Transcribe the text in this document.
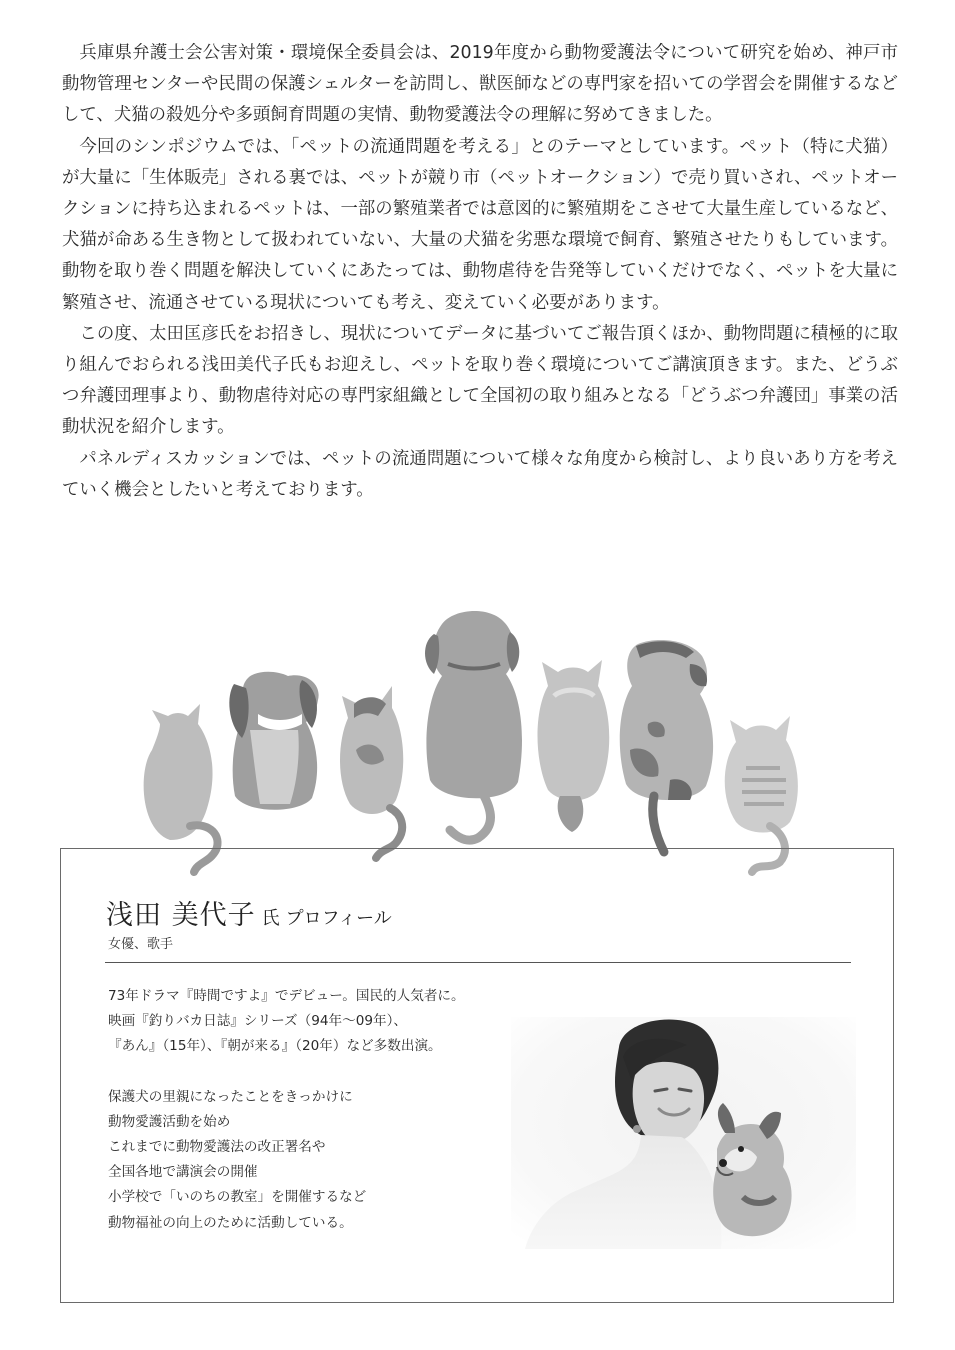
兵庫県弁護士会公害対策・環境保全委員会は、2019年度から動物愛護法令について研究を始め、神戸市動物管理センターや民間の保護シェルターを訪問し、獣医師などの専門家を招いての学習会を開催するなどして、犬猫の殺処分や多頭飼育問題の実情、動物愛護法令の理解に努めてきました。

今回のシンポジウムでは、「ペットの流通問題を考える」とのテーマとしています。ペット（特に犬猫）が大量に「生体販売」される裏では、ペットが競り市（ペットオークション）で売り買いされ、ペットオークションに持ち込まれるペットは、一部の繁殖業者では意図的に繁殖期をこさせて大量生産しているなど、犬猫が命ある生き物として扱われていない、大量の犬猫を劣悪な環境で飼育、繁殖させたりもしています。動物を取り巻く問題を解決していくにあたっては、動物虐待を告発等していくだけでなく、ペットを大量に繁殖させ、流通させている現状についても考え、変えていく必要があります。

この度、太田匡彦氏をお招きし、現状についてデータに基づいてご報告頂くほか、動物問題に積極的に取り組んでおられる浅田美代子氏もお迎えし、ペットを取り巻く環境についてご講演頂きます。また、どうぶつ弁護団理事より、動物虐待対応の専門家組織として全国初の取り組みとなる「どうぶつ弁護団」事業の活動状況を紹介します。

パネルディスカッションでは、ペットの流通問題について様々な角度から検討し、より良いあり方を考えていく機会としたいと考えております。

浅田 美代子 氏 プロフィール
女優、歌手
73年ドラマ『時間ですよ』でデビュー。国民的人気者に。
映画『釣りバカ日誌』シリーズ（94年～09年）、
『あん』（15年）、『朝が来る』（20年）など多数出演。
保護犬の里親になったことをきっかけに
動物愛護活動を始め
これまでに動物愛護法の改正署名や
全国各地で講演会の開催
小学校で「いのちの教室」を開催するなど
動物福祉の向上のために活動している。
